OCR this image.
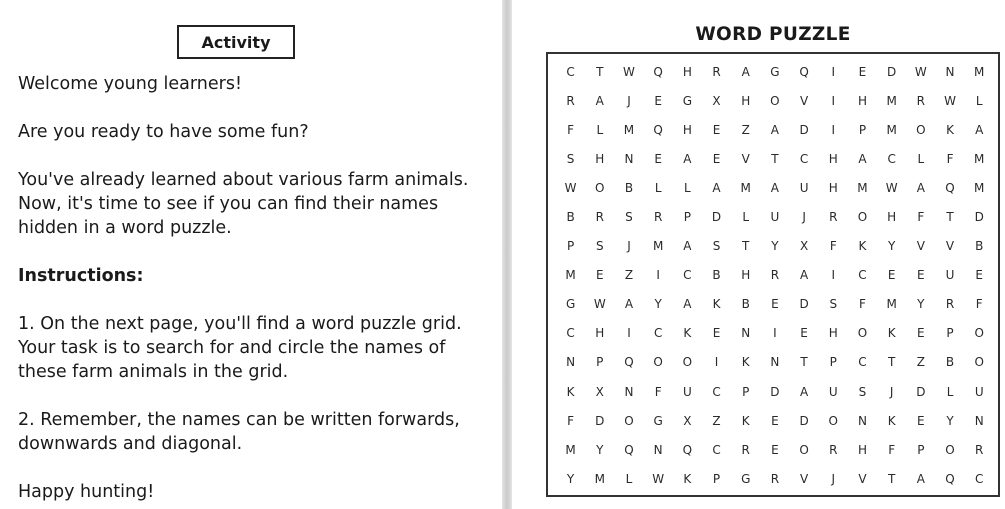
Activity
Welcome young learners!
Are you ready to have some fun?
You've already learned about various farm animals.
Now, it's time to see if you can find their names
hidden in a word puzzle.
Instructions:
1. On the next page, you'll find a word puzzle grid.
Your task is to search for and circle the names of
these farm animals in the grid.
2. Remember, the names can be written forwards,
downwards and diagonal.
Happy hunting!
WORD PUZZLE
C	T	W	Q	H	R	A	G	Q	I	E	D	W	N	M
R	A	J	E	G	X	H	O	V	I	H	M	R	W	L
F	L	M	Q	H	E	Z	A	D	I	P	M	O	K	A
S	H	N	E	A	E	V	T	C	H	A	C	L	F	M
W	O	B	L	L	A	M	A	U	H	M	W	A	Q	M
B	R	S	R	P	D	L	U	J	R	O	H	F	T	D
P	S	J	M	A	S	T	Y	X	F	K	Y	V	V	B
M	E	Z	I	C	B	H	R	A	I	C	E	E	U	E
G	W	A	Y	A	K	B	E	D	S	F	M	Y	R	F
C	H	I	C	K	E	N	I	E	H	O	K	E	P	O
N	P	Q	O	O	I	K	N	T	P	C	T	Z	B	O
K	X	N	F	U	C	P	D	A	U	S	J	D	L	U
F	D	O	G	X	Z	K	E	D	O	N	K	E	Y	N
M	Y	Q	N	Q	C	R	E	O	R	H	F	P	O	R
Y	M	L	W	K	P	G	R	V	J	V	T	A	Q	C
